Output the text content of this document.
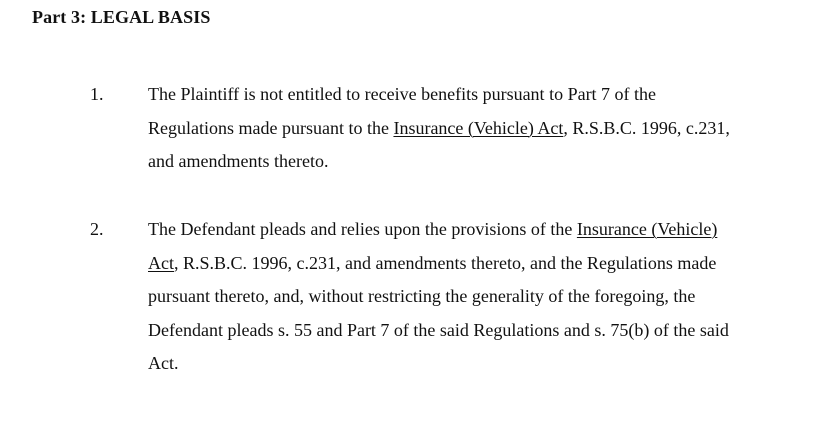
Part 3: LEGAL BASIS
1. The Plaintiff is not entitled to receive benefits pursuant to Part 7 of the
Regulations made pursuant to the Insurance (Vehicle) Act, R.S.B.C. 1996, c.231,
and amendments thereto.
2. The Defendant pleads and relies upon the provisions of the Insurance (Vehicle)
Act, R.S.B.C. 1996, c.231, and amendments thereto, and the Regulations made
pursuant thereto, and, without restricting the generality of the foregoing, the
Defendant pleads s. 55 and Part 7 of the said Regulations and s. 75(b) of the said
Act.
